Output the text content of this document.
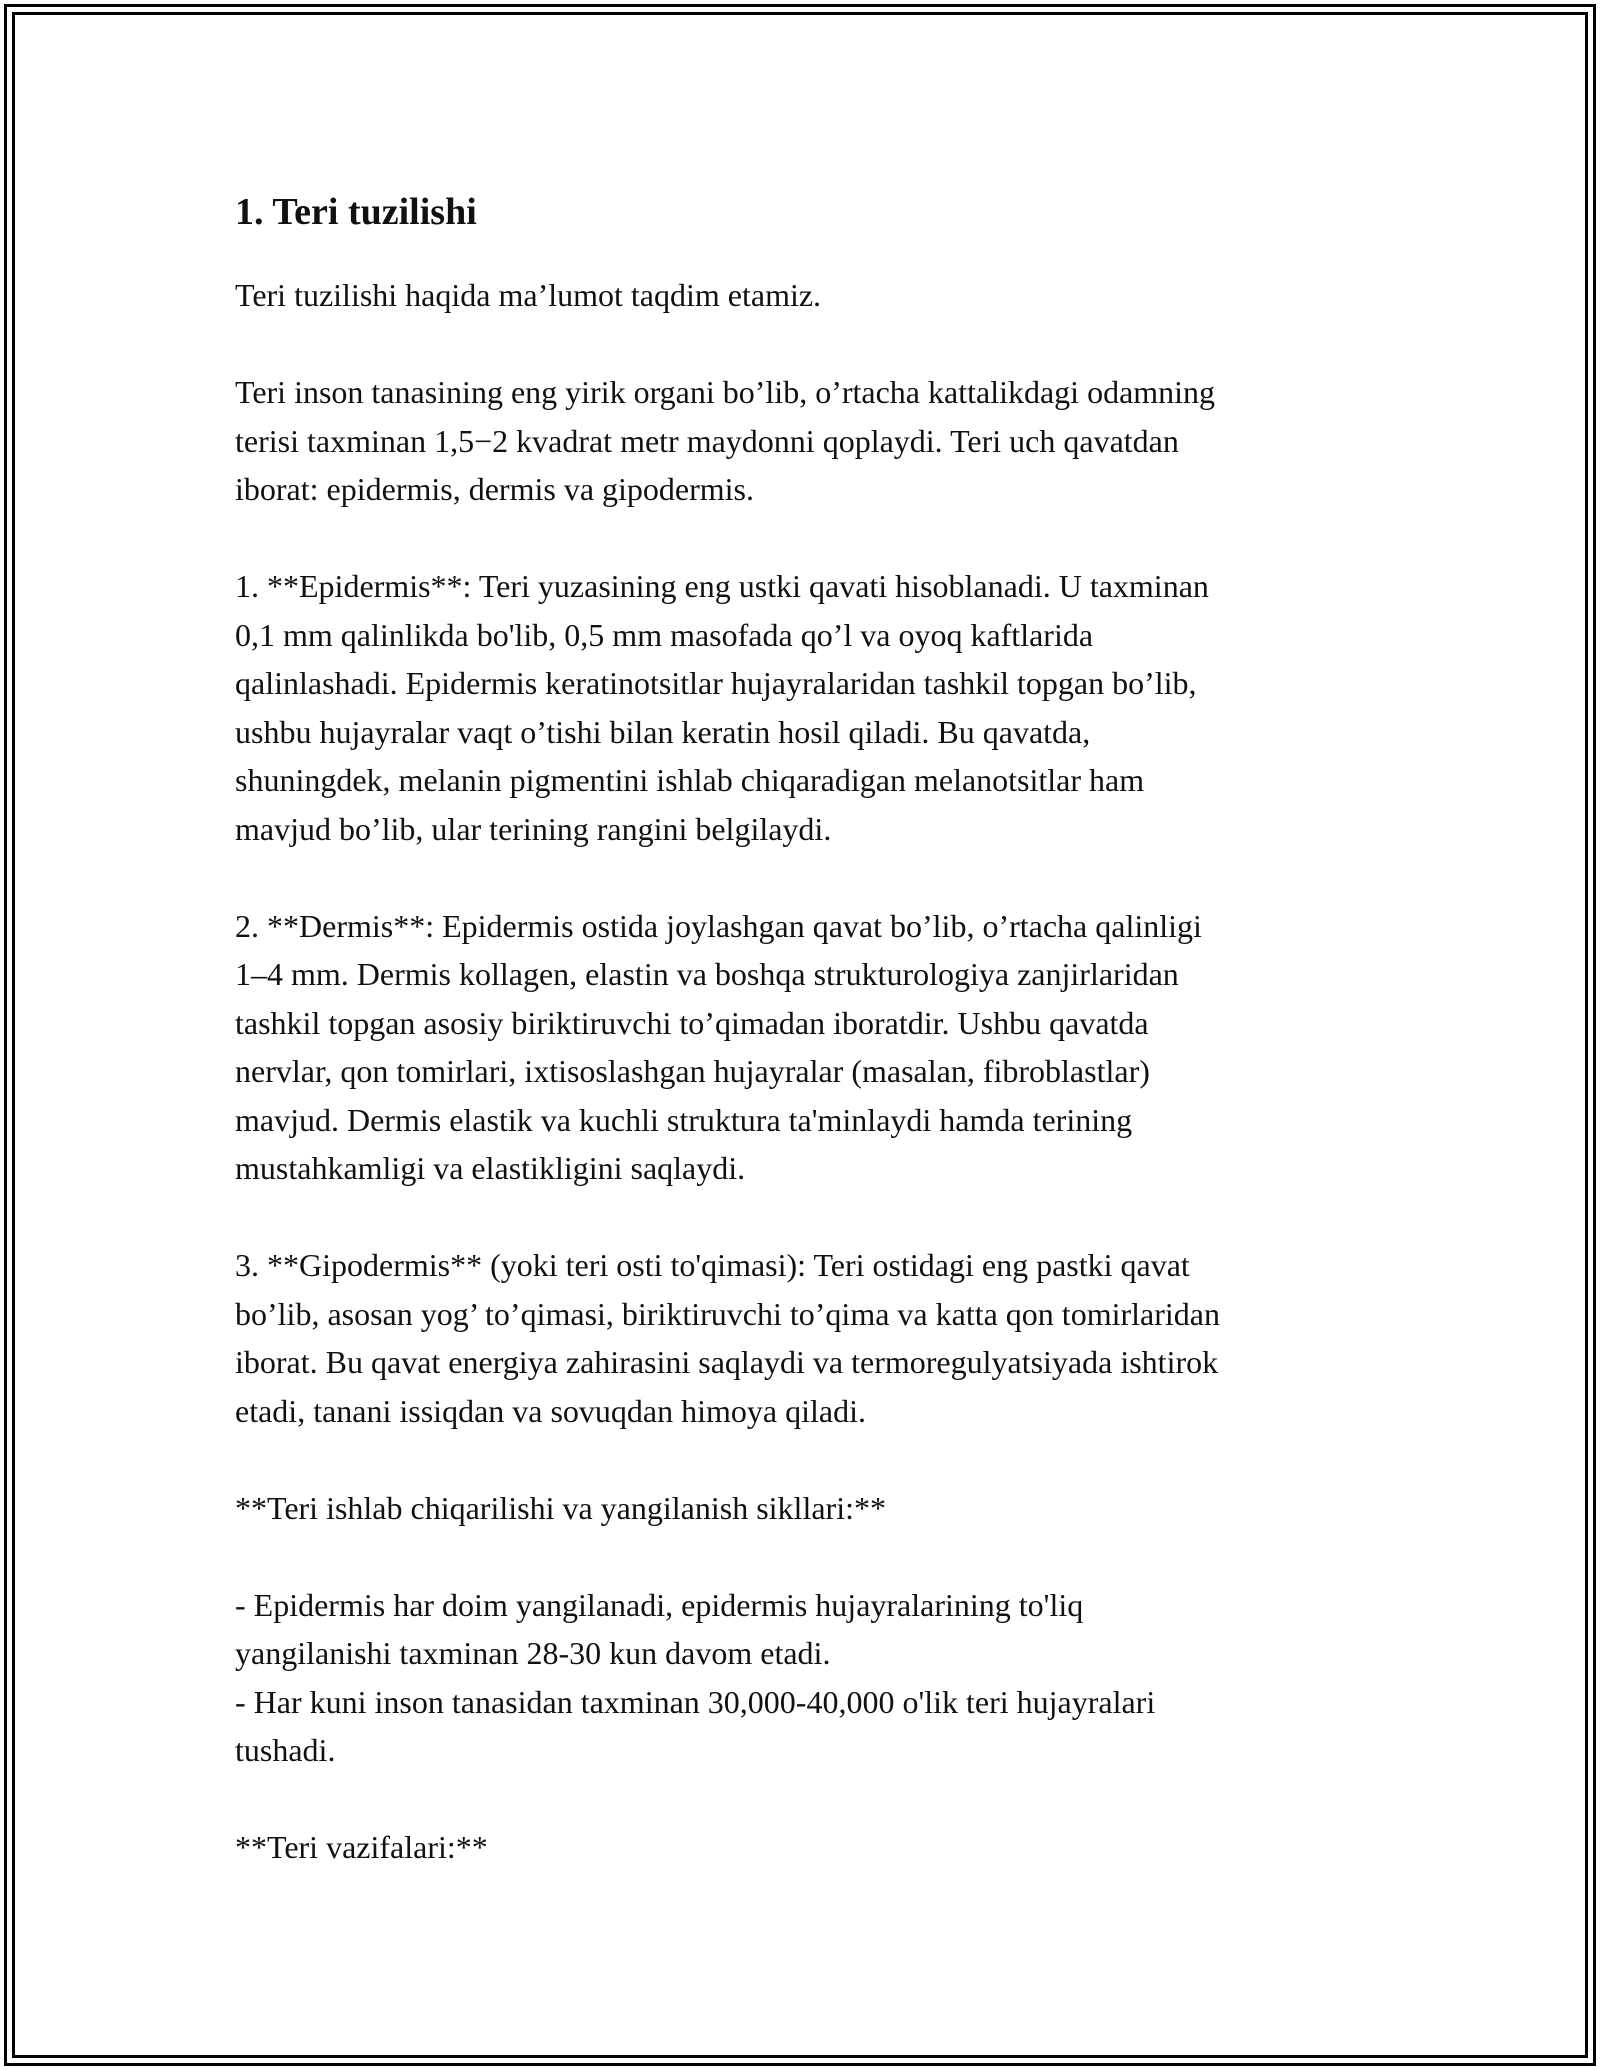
1. Teri tuzilishi

Teri tuzilishi haqida ma’lumot taqdim etamiz.

Teri inson tanasining eng yirik organi bo’lib, o’rtacha kattalikdagi odamning
terisi taxminan 1,5−2 kvadrat metr maydonni qoplaydi. Teri uch qavatdan
iborat: epidermis, dermis va gipodermis.

1. **Epidermis**: Teri yuzasining eng ustki qavati hisoblanadi. U taxminan
0,1 mm qalinlikda bo'lib, 0,5 mm masofada qo’l va oyoq kaftlarida
qalinlashadi. Epidermis keratinotsitlar hujayralaridan tashkil topgan bo’lib,
ushbu hujayralar vaqt o’tishi bilan keratin hosil qiladi. Bu qavatda,
shuningdek, melanin pigmentini ishlab chiqaradigan melanotsitlar ham
mavjud bo’lib, ular terining rangini belgilaydi.

2. **Dermis**: Epidermis ostida joylashgan qavat bo’lib, o’rtacha qalinligi
1–4 mm. Dermis kollagen, elastin va boshqa strukturologiya zanjirlaridan
tashkil topgan asosiy biriktiruvchi to’qimadan iboratdir. Ushbu qavatda
nervlar, qon tomirlari, ixtisoslashgan hujayralar (masalan, fibroblastlar)
mavjud. Dermis elastik va kuchli struktura ta'minlaydi hamda terining
mustahkamligi va elastikligini saqlaydi.

3. **Gipodermis** (yoki teri osti to'qimasi): Teri ostidagi eng pastki qavat
bo’lib, asosan yog’ to’qimasi, biriktiruvchi to’qima va katta qon tomirlaridan
iborat. Bu qavat energiya zahirasini saqlaydi va termoregulyatsiyada ishtirok
etadi, tanani issiqdan va sovuqdan himoya qiladi.

**Teri ishlab chiqarilishi va yangilanish sikllari:**

- Epidermis har doim yangilanadi, epidermis hujayralarining to'liq
yangilanishi taxminan 28-30 kun davom etadi.
- Har kuni inson tanasidan taxminan 30,000-40,000 o'lik teri hujayralari
tushadi.

**Teri vazifalari:**
